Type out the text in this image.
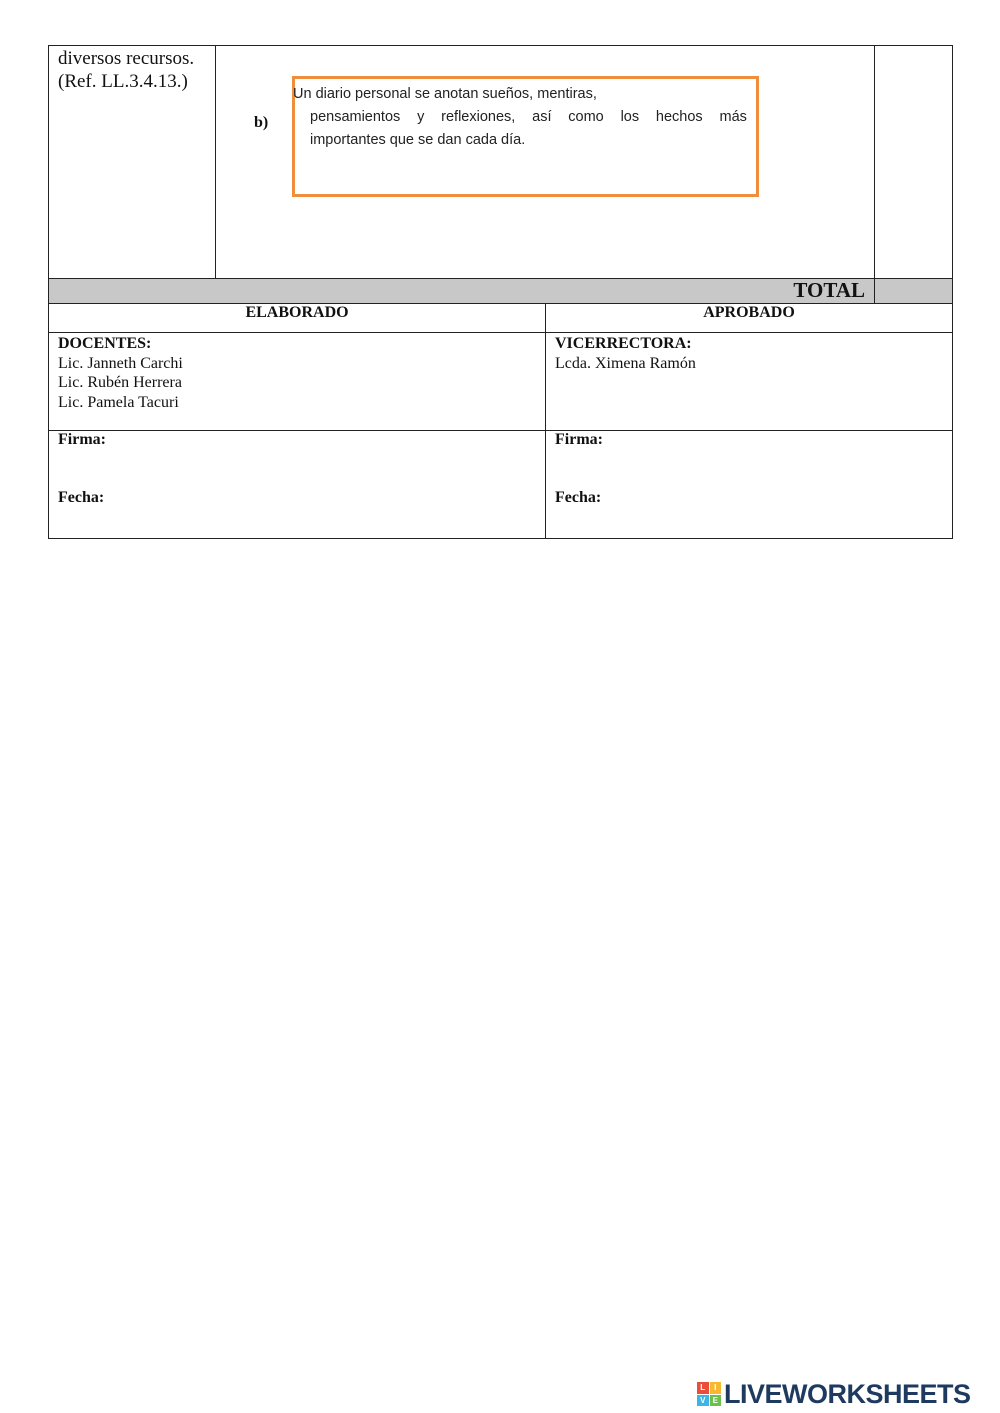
TOTAL
diversos recursos.
(Ref. LL.3.4.13.)
b)
Un diario personal se anotan sueños, mentiras,
pensamientos y reflexiones, así como los hechos más
importantes que se dan cada día.
ELABORADO	APROBADO
DOCENTES:
Lic. Janneth Carchi
Lic. Rubén Herrera
Lic. Pamela Tacuri
VICERRECTORA:
Lcda. Ximena Ramón
Firma:
Fecha:
Firma:
Fecha:
L	I
V E LIVEWORKSHEETS
